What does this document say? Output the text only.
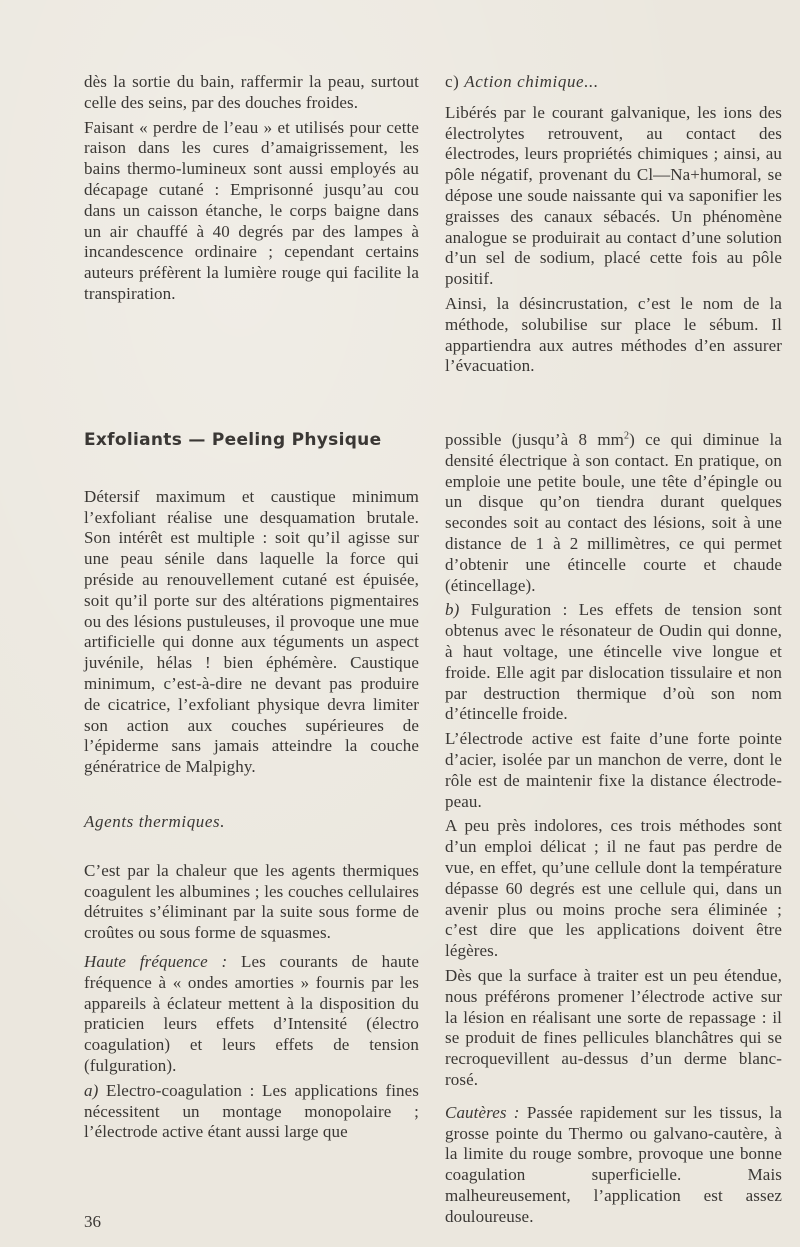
dès la sortie du bain, raffermir la peau, surtout celle des seins, par des douches froides.

Faisant « perdre de l’eau » et utilisés pour cette raison dans les cures d’amaigrissement, les bains thermo-lumineux sont aussi employés au décapage cutané : Emprisonné jusqu’au cou dans un caisson étanche, le corps baigne dans un air chauffé à 40 degrés par des lampes à incandescence ordinaire ; cependant certains auteurs préfèrent la lumière rouge qui facilite la transpiration.

c) Action chimique...

Libérés par le courant galvanique, les ions des électrolytes retrouvent, au contact des électrodes, leurs propriétés chimiques ; ainsi, au pôle négatif, provenant du Cl—Na+humoral, se dépose une soude naissante qui va saponifier les graisses des canaux sébacés. Un phénomène analogue se produirait au contact d’une solution d’un sel de sodium, placé cette fois au pôle positif.

Ainsi, la désincrustation, c’est le nom de la méthode, solubilise sur place le sébum. Il appartiendra aux autres méthodes d’en assurer l’évacuation.

Exfoliants — Peeling Physique

Détersif maximum et caustique minimum l’exfoliant réalise une desquamation brutale. Son intérêt est multiple : soit qu’il agisse sur une peau sénile dans laquelle la force qui préside au renouvellement cutané est épuisée, soit qu’il porte sur des altérations pigmentaires ou des lésions pustuleuses, il provoque une mue artificielle qui donne aux téguments un aspect juvénile, hélas ! bien éphémère. Caustique minimum, c’est-à-dire ne devant pas produire de cicatrice, l’exfoliant physique devra limiter son action aux couches supérieures de l’épiderme sans jamais atteindre la couche génératrice de Malpighy.

Agents thermiques.

C’est par la chaleur que les agents thermiques coagulent les albumines ; les couches cellulaires détruites s’éliminant par la suite sous forme de croûtes ou sous forme de squasmes.

Haute fréquence : Les courants de haute fréquence à « ondes amorties » fournis par les appareils à éclateur mettent à la disposition du praticien leurs effets d’Intensité (électro coagulation) et leurs effets de tension (fulguration).

a) Electro-coagulation : Les applications fines nécessitent un montage monopolaire ; l’électrode active étant aussi large que

possible (jusqu’à 8 $mm^2$) ce qui diminue la densité électrique à son contact. En pratique, on emploie une petite boule, une tête d’épingle ou un disque qu’on tiendra durant quelques secondes soit au contact des lésions, soit à une distance de 1 à 2 millimètres, ce qui permet d’obtenir une étincelle courte et chaude (étincellage).

b) Fulguration : Les effets de tension sont obtenus avec le résonateur de Oudin qui donne, à haut voltage, une étincelle vive longue et froide. Elle agit par dislocation tissulaire et non par destruction thermique d’où son nom d’étincelle froide.

L’électrode active est faite d’une forte pointe d’acier, isolée par un manchon de verre, dont le rôle est de maintenir fixe la distance électrode-peau.

A peu près indolores, ces trois méthodes sont d’un emploi délicat ; il ne faut pas perdre de vue, en effet, qu’une cellule dont la température dépasse 60 degrés est une cellule qui, dans un avenir plus ou moins proche sera éliminée ; c’est dire que les applications doivent être légères.

Dès que la surface à traiter est un peu étendue, nous préférons promener l’électrode active sur la lésion en réalisant une sorte de repassage : il se produit de fines pellicules blanchâtres qui se recroquevillent au-dessus d’un derme blanc-rosé.

Cautères : Passée rapidement sur les tissus, la grosse pointe du Thermo ou galvano-cautère, à la limite du rouge sombre, provoque une bonne coagulation superficielle. Mais malheureusement, l’application est assez douloureuse.

36
